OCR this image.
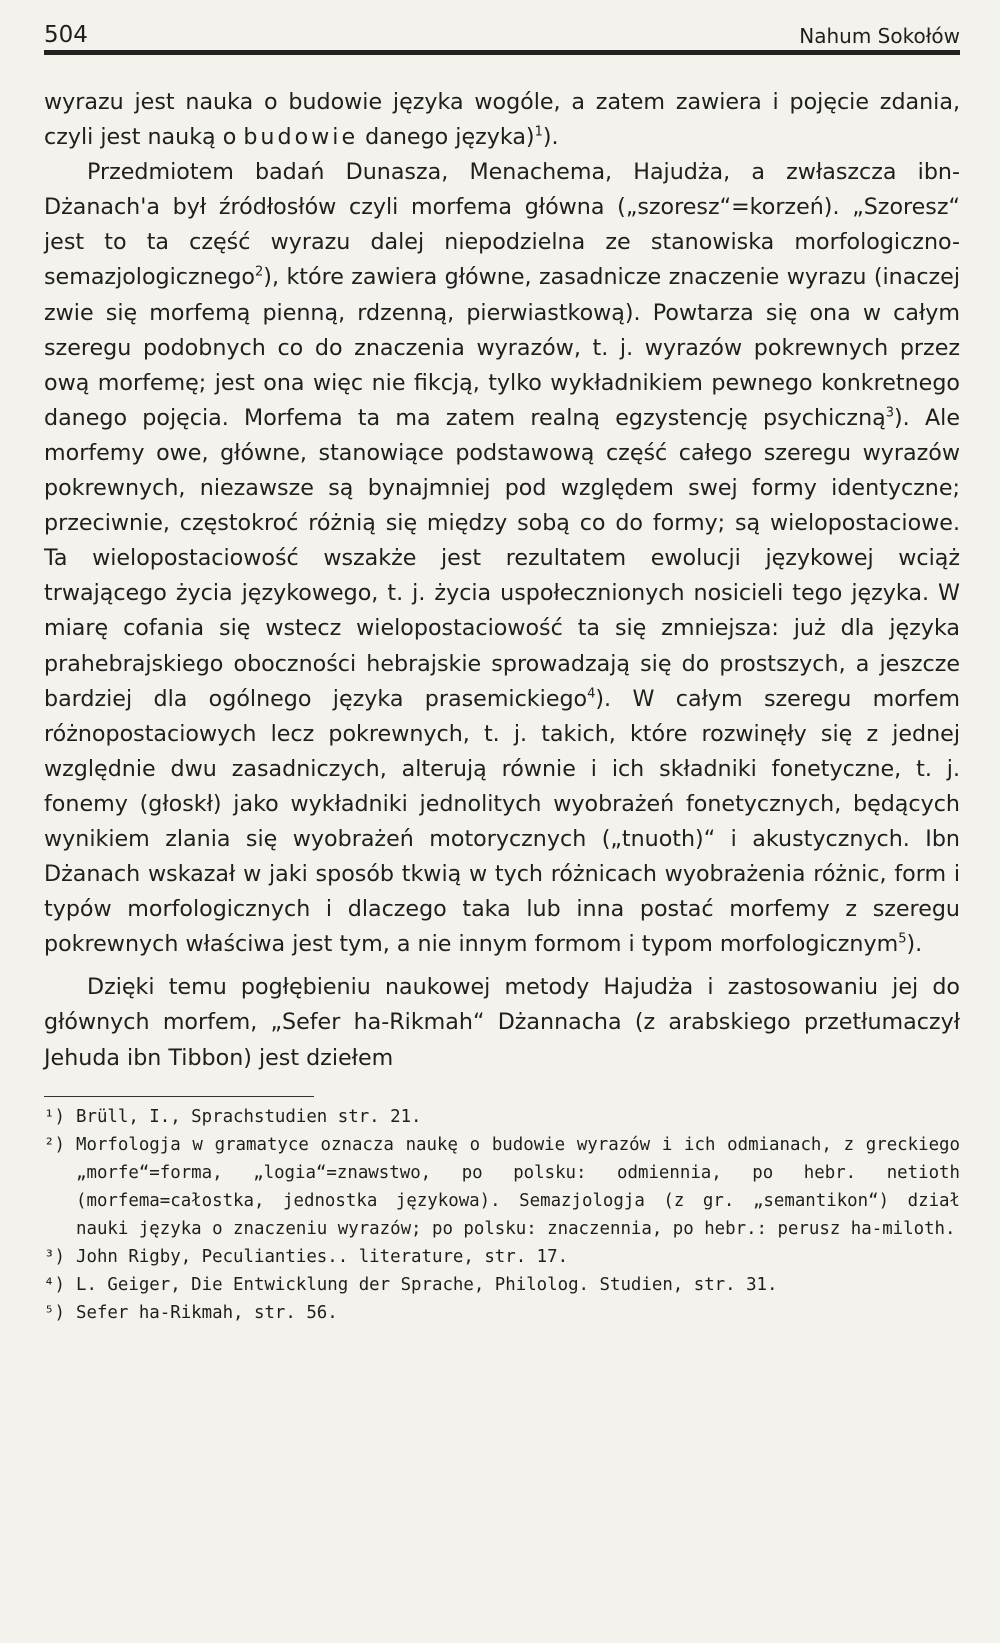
504	Nahum Sokołów

wyrazu jest nauka o budowie języka wogóle, a zatem zawiera i pojęcie zdania, czyli jest nauką o budowie danego języka)$^1$).

Przedmiotem badań Dunasza, Menachema, Hajudża, a zwłaszcza ibn-Dżanach'a był źródłosłów czyli morfema główna („szoresz“=korzeń). „Szoresz“ jest to ta część wyrazu dalej niepodzielna ze stanowiska morfologiczno-semazjologicznego$^2$), które zawiera główne, zasadnicze znaczenie wyrazu (inaczej zwie się morfemą pienną, rdzenną, pierwiastkową). Powtarza się ona w całym szeregu podobnych co do znaczenia wyrazów, t. j. wyrazów pokrewnych przez ową morfemę; jest ona więc nie fikcją, tylko wykładnikiem pewnego konkretnego danego pojęcia. Morfema ta ma zatem realną egzystencję psychiczną$^3$). Ale morfemy owe, główne, stanowiące podstawową część całego szeregu wyrazów pokrewnych, niezawsze są bynajmniej pod względem swej formy identyczne; przeciwnie, częstokroć różnią się między sobą co do formy; są wielopostaciowe. Ta wielopostaciowość wszakże jest rezultatem ewolucji językowej wciąż trwającego życia językowego, t. j. życia uspołecznionych nosicieli tego języka. W miarę cofania się wstecz wielopostaciowość ta się zmniejsza: już dla języka prahebrajskiego oboczności hebrajskie sprowadzają się do prostszych, a jeszcze bardziej dla ogólnego języka prasemickiego$^4$). W całym szeregu morfem różnopostaciowych lecz pokrewnych, t. j. takich, które rozwinęły się z jednej względnie dwu zasadniczych, alterują równie i ich składniki fonetyczne, t. j. fonemy (głoskł) jako wykładniki jednolitych wyobrażeń fonetycznych, będących wynikiem zlania się wyobrażeń motorycznych („tnuoth)“ i akustycznych. Ibn Dżanach wskazał w jaki sposób tkwią w tych różnicach wyobrażenia różnic, form i typów morfologicznych i dlaczego taka lub inna postać morfemy z szeregu pokrewnych właściwa jest tym, a nie innym formom i typom morfologicznym$^5$).

Dzięki temu pogłębieniu naukowej metody Hajudża i zastosowaniu jej do głównych morfem, „Sefer ha-Rikmah“ Dżannacha (z arabskiego przetłumaczył Jehuda ibn Tibbon) jest dziełem

¹) Brüll, I., Sprachstudien str. 21.
²) Morfologja w gramatyce oznacza naukę o budowie wyrazów i ich odmianach, z greckiego „morfe“=forma, „logia“=znawstwo, po polsku: odmiennia, po hebr. netioth (morfema=całostka, jednostka językowa). Semazjologja (z gr. „semantikon“) dział nauki języka o znaczeniu wyrazów; po polsku: znaczennia, po hebr.: perusz ha-miloth.
³) John Rigby, Peculianties.. literature, str. 17.
⁴) L. Geiger, Die Entwicklung der Sprache, Philolog. Studien, str. 31.
⁵) Sefer ha-Rikmah, str. 56.
